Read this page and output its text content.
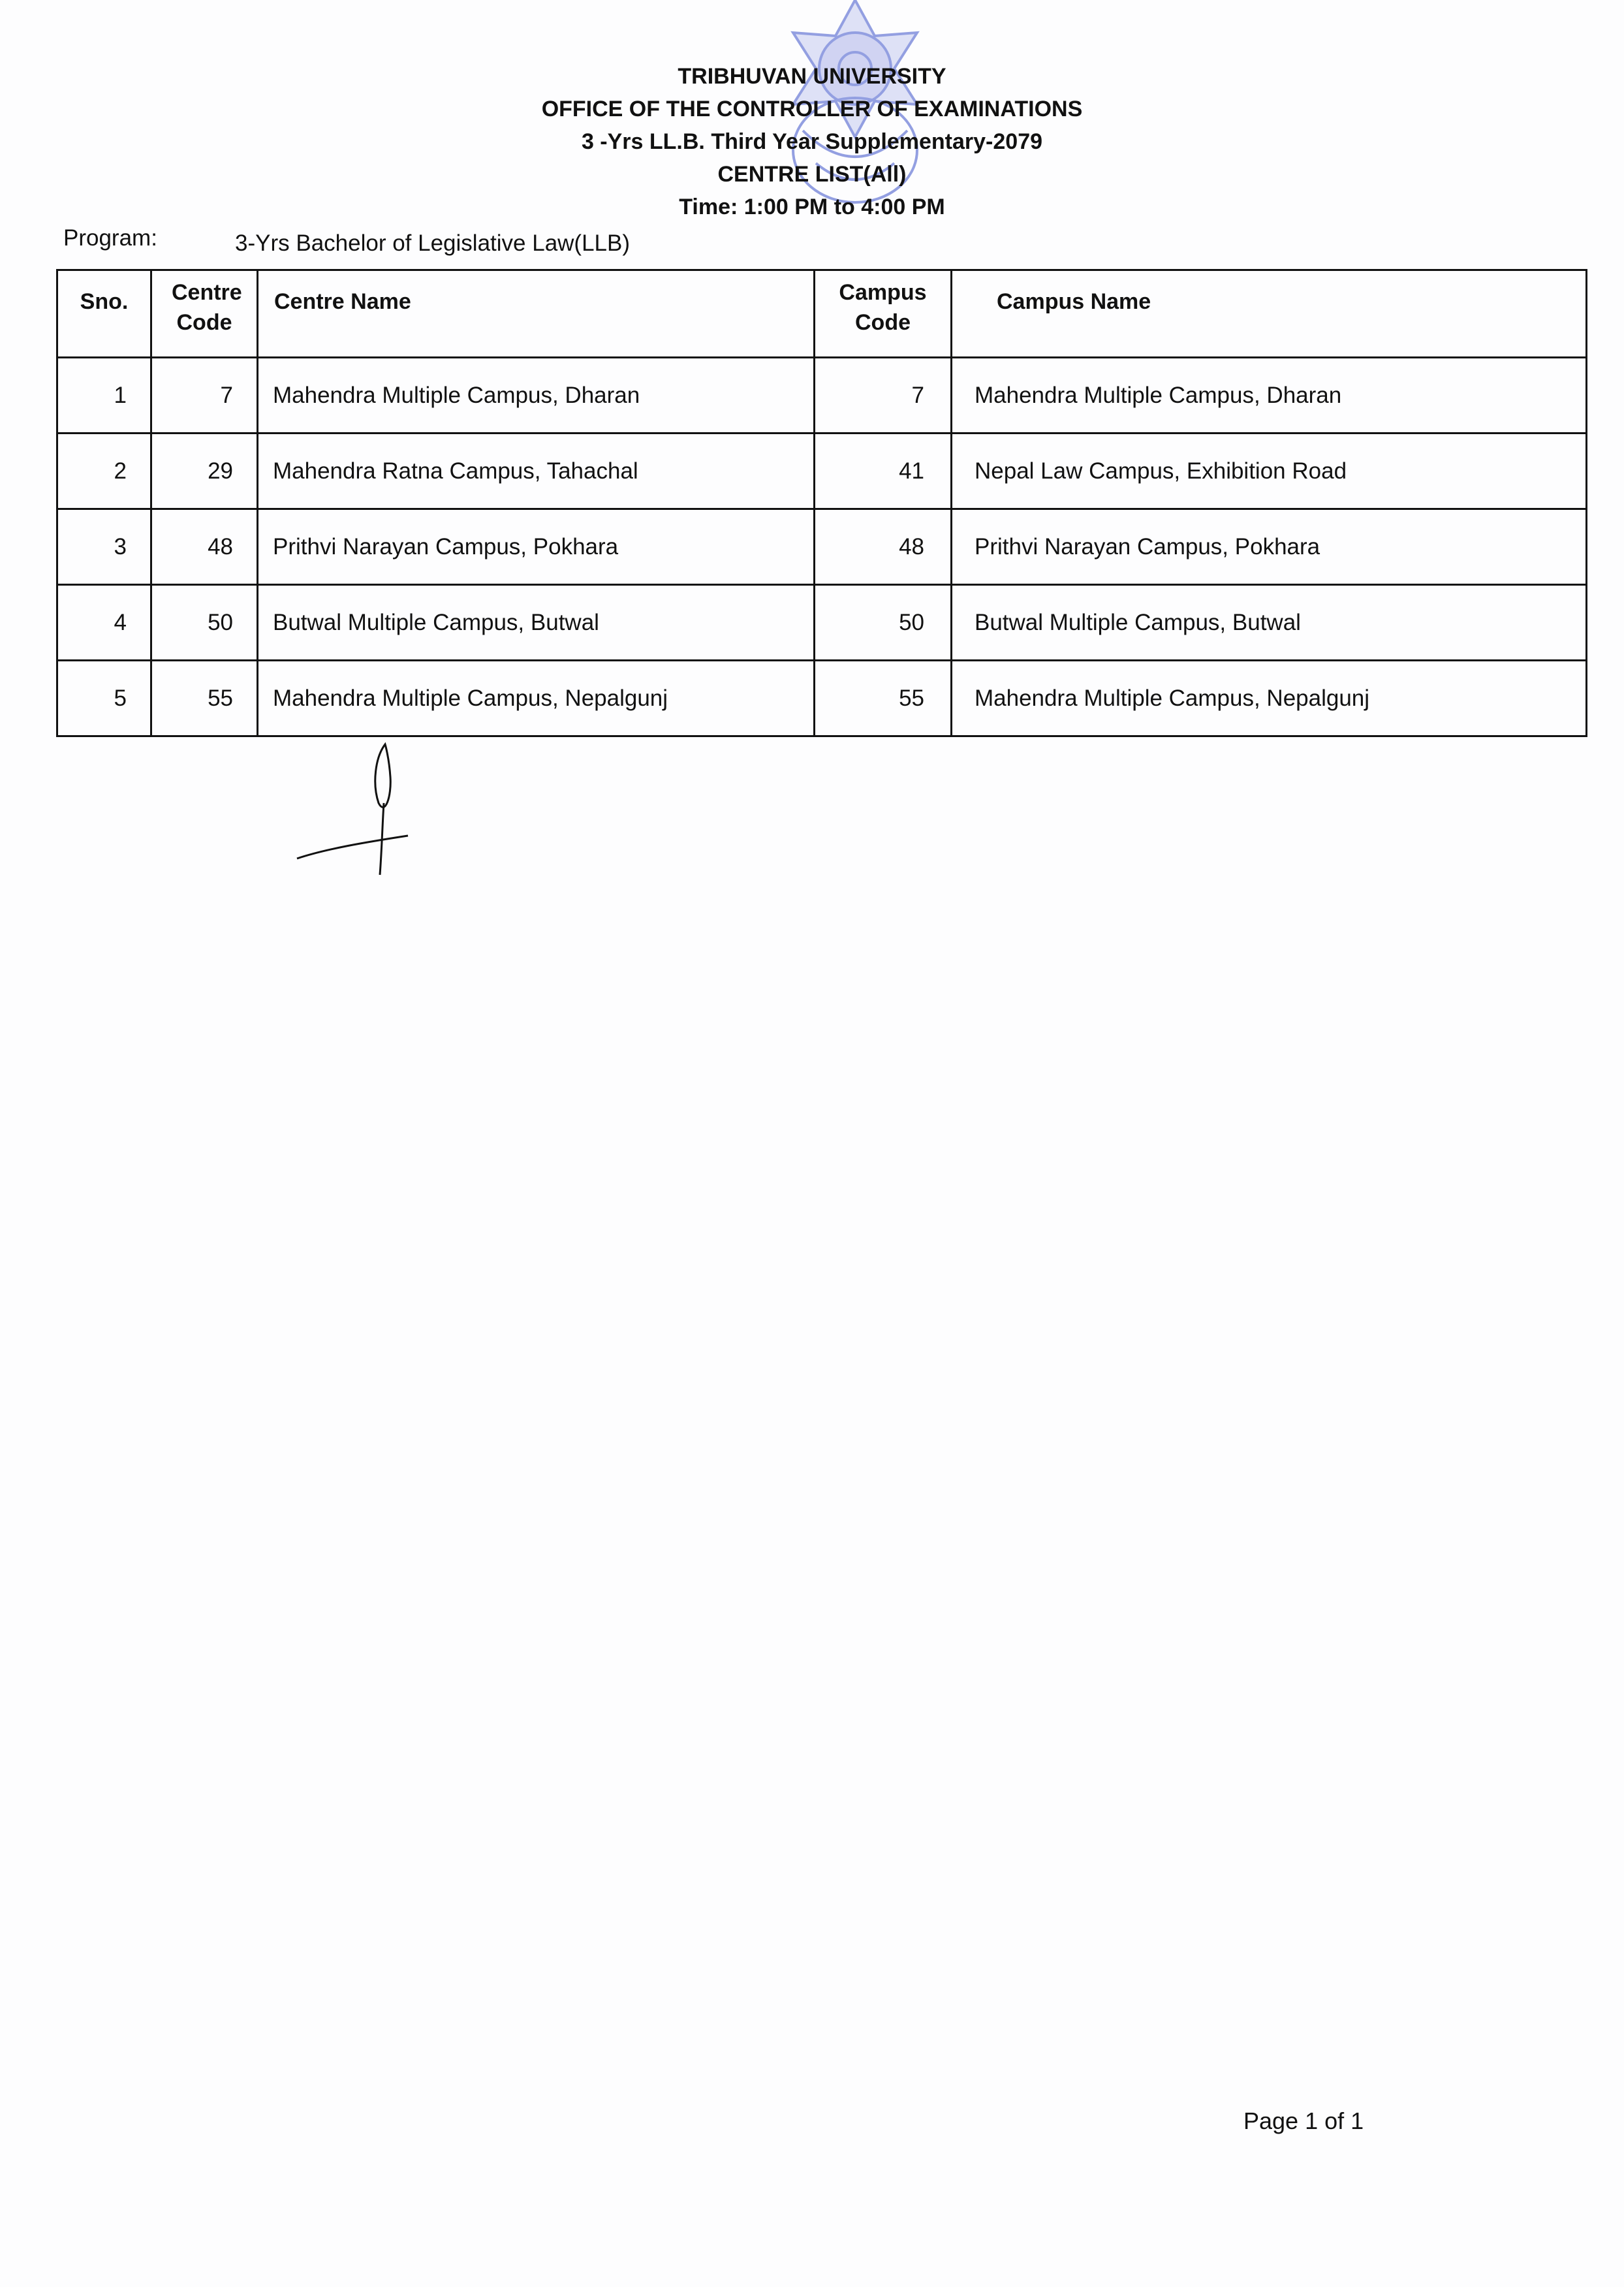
TRIBHUVAN UNIVERSITY
OFFICE OF THE CONTROLLER OF EXAMINATIONS
3 -Yrs LL.B. Third Year Supplementary-2079
CENTRE LIST(All)
Time: 1:00 PM to 4:00 PM
Program:	3-Yrs Bachelor of Legislative Law(LLB)
Sno.	Centre Code	Centre Name	Campus Code	Campus Name
1	7	Mahendra Multiple Campus, Dharan	7	Mahendra Multiple Campus, Dharan
2	29	Mahendra Ratna Campus, Tahachal	41	Nepal Law Campus, Exhibition Road
3	48	Prithvi Narayan Campus, Pokhara	48	Prithvi Narayan Campus, Pokhara
4	50	Butwal Multiple Campus, Butwal	50	Butwal Multiple Campus, Butwal
5	55	Mahendra Multiple Campus, Nepalgunj	55	Mahendra Multiple Campus, Nepalgunj
Page 1 of 1
